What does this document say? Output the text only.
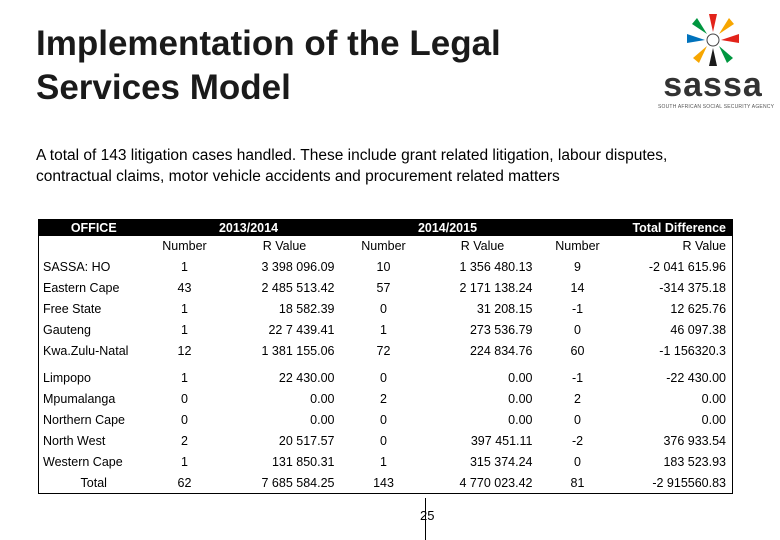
Implementation of the Legal
Services Model	sassa
SOUTH AFRICAN SOCIAL SECURITY AGENCY

A total of 143 litigation cases handled. These include grant related litigation, labour disputes, contractual claims, motor vehicle accidents and procurement related matters

OFFICE	2013/2014		2014/2015		Total Difference	
	Number	R Value	Number	R Value	Number	R Value
SASSA: HO	1	3 398 096.09	10	1 356 480.13	9	-2 041 615.96
Eastern Cape	43	2 485 513.42	57	2 171 138.24	14	-314 375.18
Free State	1	18 582.39	0	31 208.15	-1	12 625.76
Gauteng	1	22 7 439.41	1	273 536.79	0	46 097.38
Kwa.Zulu-Natal	12	1 381 155.06	72	224 834.76	60	-1 156320.3
Limpopo	1	22 430.00	0	0.00	-1	-22 430.00
Mpumalanga	0	0.00	2	0.00	2	0.00
Northern Cape	0	0.00	0	0.00	0	0.00
North West	2	20 517.57	0	397 451.11	-2	376 933.54
Western Cape	1	131 850.31	1	315 374.24	0	183 523.93
Total	62	7 685 584.25	143	4 770 023.42	81	-2 915560.83
25
